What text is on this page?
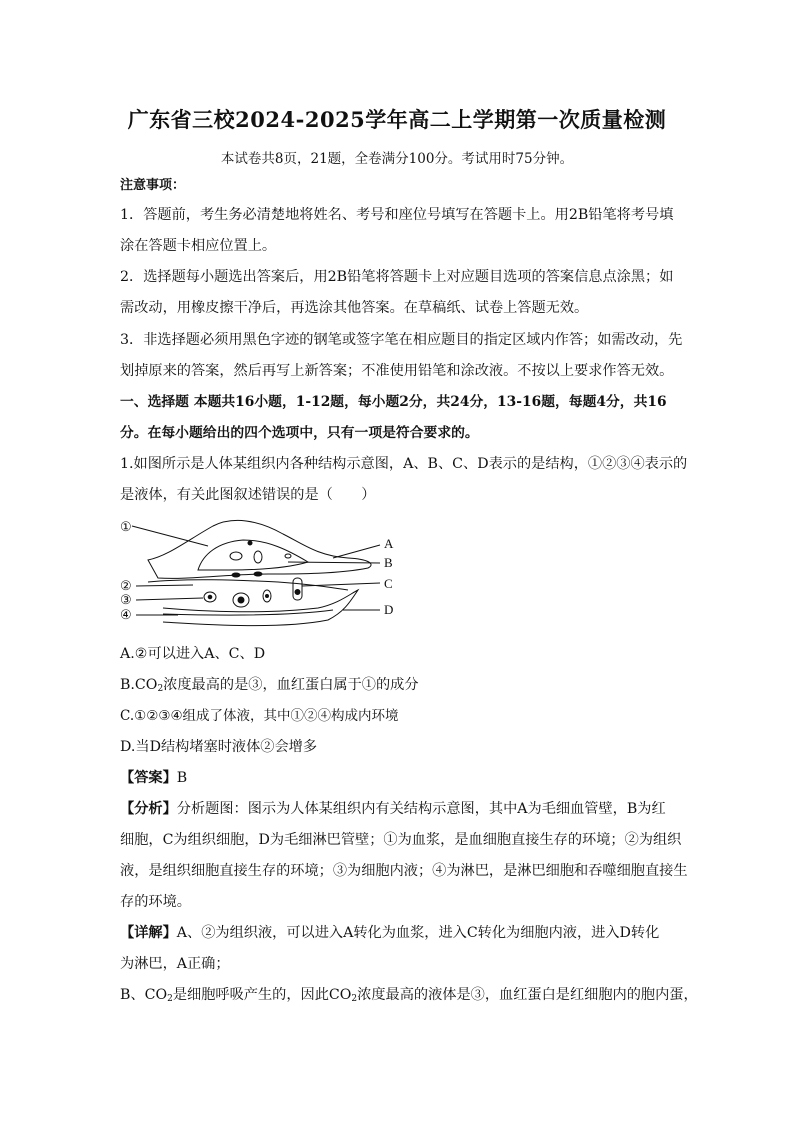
广东省三校2024-2025学年高二上学期第一次质量检测
本试卷共8页，21题，全卷满分100分。考试用时75分钟。
注意事项：
1．答题前，考生务必清楚地将姓名、考号和座位号填写在答题卡上。用2B铅笔将考号填
涂在答题卡相应位置上。
2．选择题每小题选出答案后，用2B铅笔将答题卡上对应题目选项的答案信息点涂黑；如
需改动，用橡皮擦干净后，再选涂其他答案。在草稿纸、试卷上答题无效。
3．非选择题必须用黑色字迹的钢笔或签字笔在相应题目的指定区域内作答；如需改动，先
划掉原来的答案，然后再写上新答案；不准使用铅笔和涂改液。不按以上要求作答无效。
一、选择题 本题共16小题，1-12题，每小题2分，共24分，13-16题，每题4分，共16
分。在每小题给出的四个选项中，只有一项是符合要求的。
1.如图所示是人体某组织内各种结构示意图，A、B、C、D表示的是结构，①②③④表示的
是液体，有关此图叙述错误的是（　　）
①
②
③
④
A
B
C
D
A.②可以进入A、C、D
$B.CO_2$浓度最高的是③，血红蛋白属于①的成分
C.①②③④组成了体液，其中①②④构成内环境
D.当D结构堵塞时液体②会增多
【答案】B
【分析】分析题图：图示为人体某组织内有关结构示意图，其中A为毛细血管壁，B为红
细胞，C为组织细胞，D为毛细淋巴管壁；①为血浆，是血细胞直接生存的环境；②为组织
液，是组织细胞直接生存的环境；③为细胞内液；④为淋巴，是淋巴细胞和吞噬细胞直接生
存的环境。
【详解】A、②为组织液，可以进入A转化为血浆，进入C转化为细胞内液，进入D转化
为淋巴，A正确；
B、$CO_2$是细胞呼吸产生的，因此$CO_2$浓度最高的液体是③，血红蛋白是红细胞内的胞内蛋，
